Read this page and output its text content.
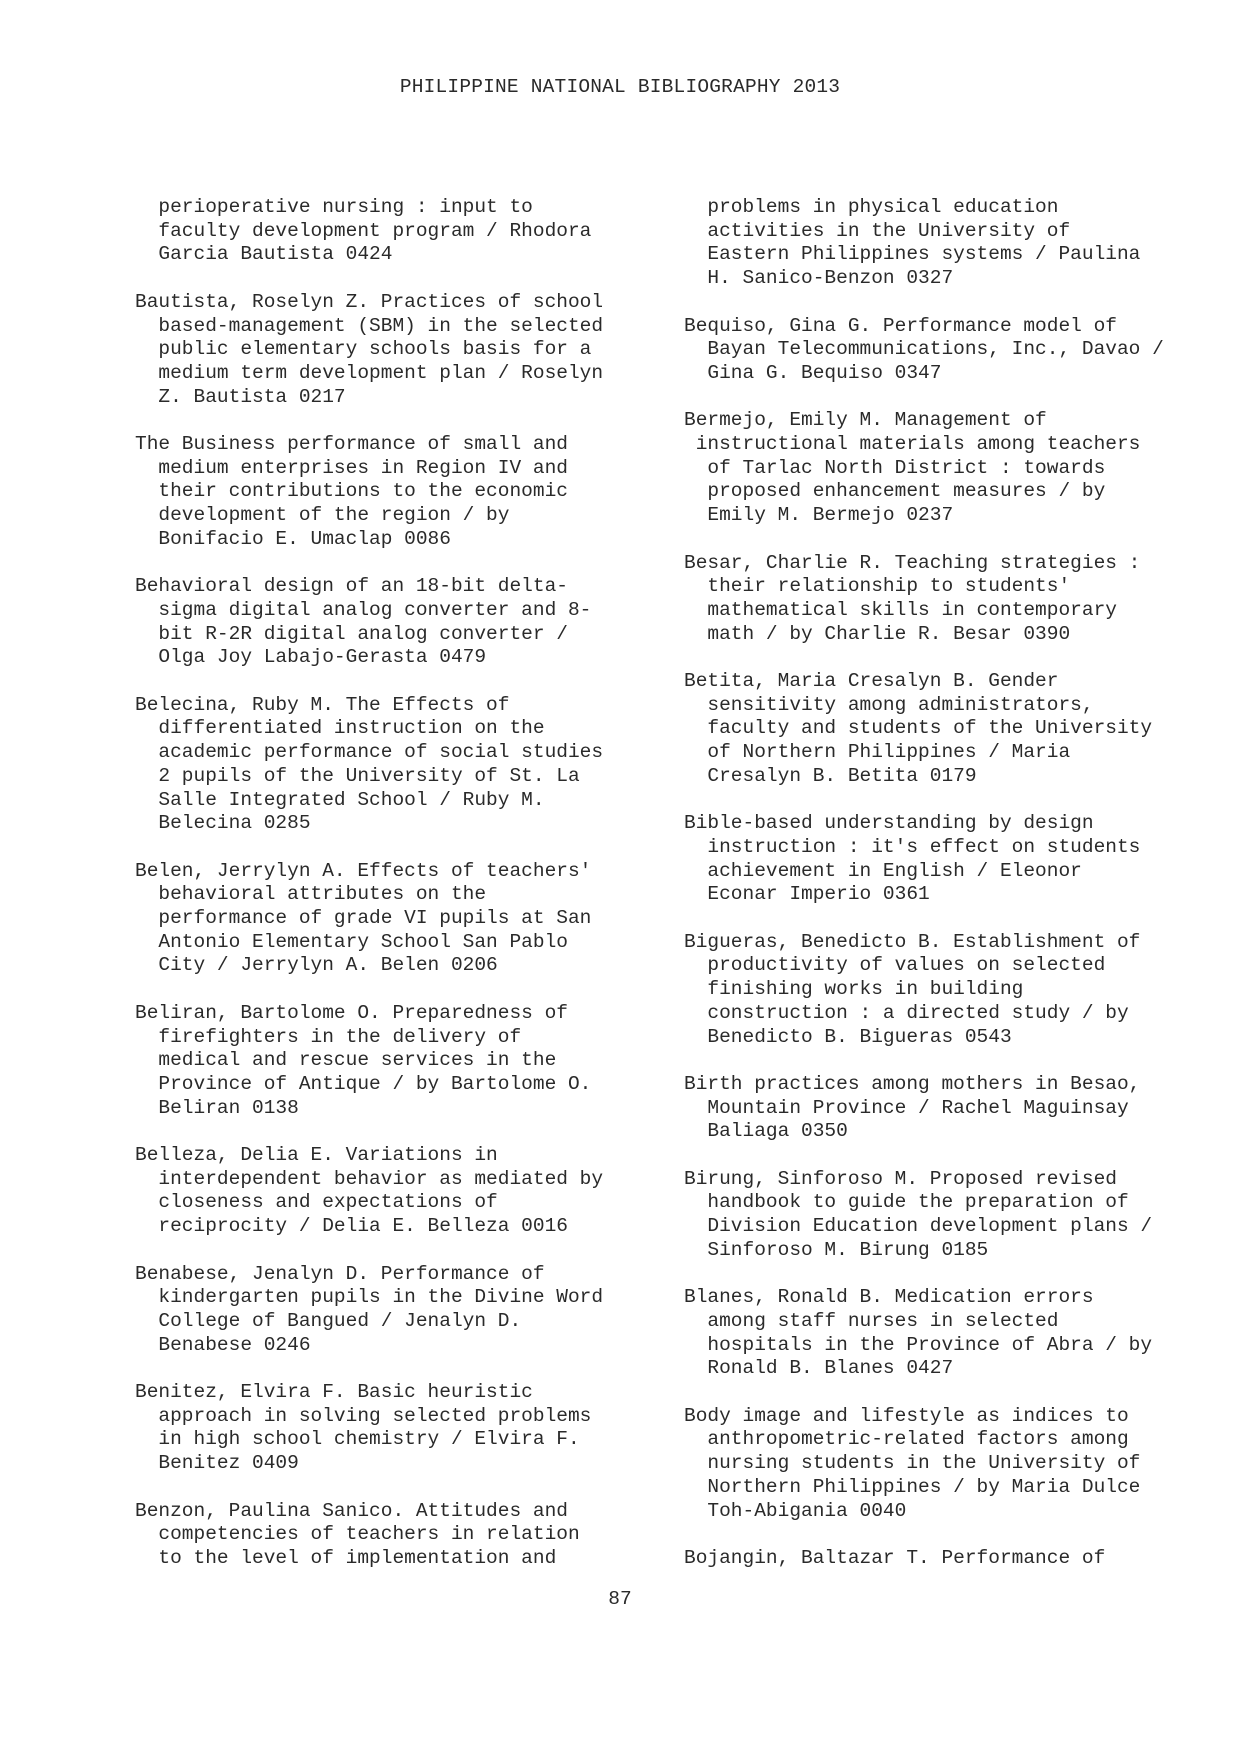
PHILIPPINE NATIONAL BIBLIOGRAPHY 2013
perioperative nursing : input to
faculty development program / Rhodora
Garcia Bautista 0424
Bautista, Roselyn Z. Practices of school
based-management (SBM) in the selected
public elementary schools basis for a
medium term development plan / Roselyn
Z. Bautista 0217
The Business performance of small and
medium enterprises in Region IV and
their contributions to the economic
development of the region / by
Bonifacio E. Umaclap 0086
Behavioral design of an 18-bit delta-
sigma digital analog converter and 8-
bit R-2R digital analog converter /
Olga Joy Labajo-Gerasta 0479
Belecina, Ruby M. The Effects of
differentiated instruction on the
academic performance of social studies
2 pupils of the University of St. La
Salle Integrated School / Ruby M.
Belecina 0285
Belen, Jerrylyn A. Effects of teachers'
behavioral attributes on the
performance of grade VI pupils at San
Antonio Elementary School San Pablo
City / Jerrylyn A. Belen 0206
Beliran, Bartolome O. Preparedness of
firefighters in the delivery of
medical and rescue services in the
Province of Antique / by Bartolome O.
Beliran 0138
Belleza, Delia E. Variations in
interdependent behavior as mediated by
closeness and expectations of
reciprocity / Delia E. Belleza 0016
Benabese, Jenalyn D. Performance of
kindergarten pupils in the Divine Word
College of Bangued / Jenalyn D.
Benabese 0246
Benitez, Elvira F. Basic heuristic
approach in solving selected problems
in high school chemistry / Elvira F.
Benitez 0409
Benzon, Paulina Sanico. Attitudes and
competencies of teachers in relation
to the level of implementation and
problems in physical education
activities in the University of
Eastern Philippines systems / Paulina
H. Sanico-Benzon 0327
Bequiso, Gina G. Performance model of
Bayan Telecommunications, Inc., Davao /
Gina G. Bequiso 0347
Bermejo, Emily M. Management of
instructional materials among teachers
of Tarlac North District : towards
proposed enhancement measures / by
Emily M. Bermejo 0237
Besar, Charlie R. Teaching strategies :
their relationship to students'
mathematical skills in contemporary
math / by Charlie R. Besar 0390
Betita, Maria Cresalyn B. Gender
sensitivity among administrators,
faculty and students of the University
of Northern Philippines / Maria
Cresalyn B. Betita 0179
Bible-based understanding by design
instruction : it's effect on students
achievement in English / Eleonor
Econar Imperio 0361
Bigueras, Benedicto B. Establishment of
productivity of values on selected
finishing works in building
construction : a directed study / by
Benedicto B. Bigueras 0543
Birth practices among mothers in Besao,
Mountain Province / Rachel Maguinsay
Baliaga 0350
Birung, Sinforoso M. Proposed revised
handbook to guide the preparation of
Division Education development plans /
Sinforoso M. Birung 0185
Blanes, Ronald B. Medication errors
among staff nurses in selected
hospitals in the Province of Abra / by
Ronald B. Blanes 0427
Body image and lifestyle as indices to
anthropometric-related factors among
nursing students in the University of
Northern Philippines / by Maria Dulce
Toh-Abigania 0040
Bojangin, Baltazar T. Performance of
87
